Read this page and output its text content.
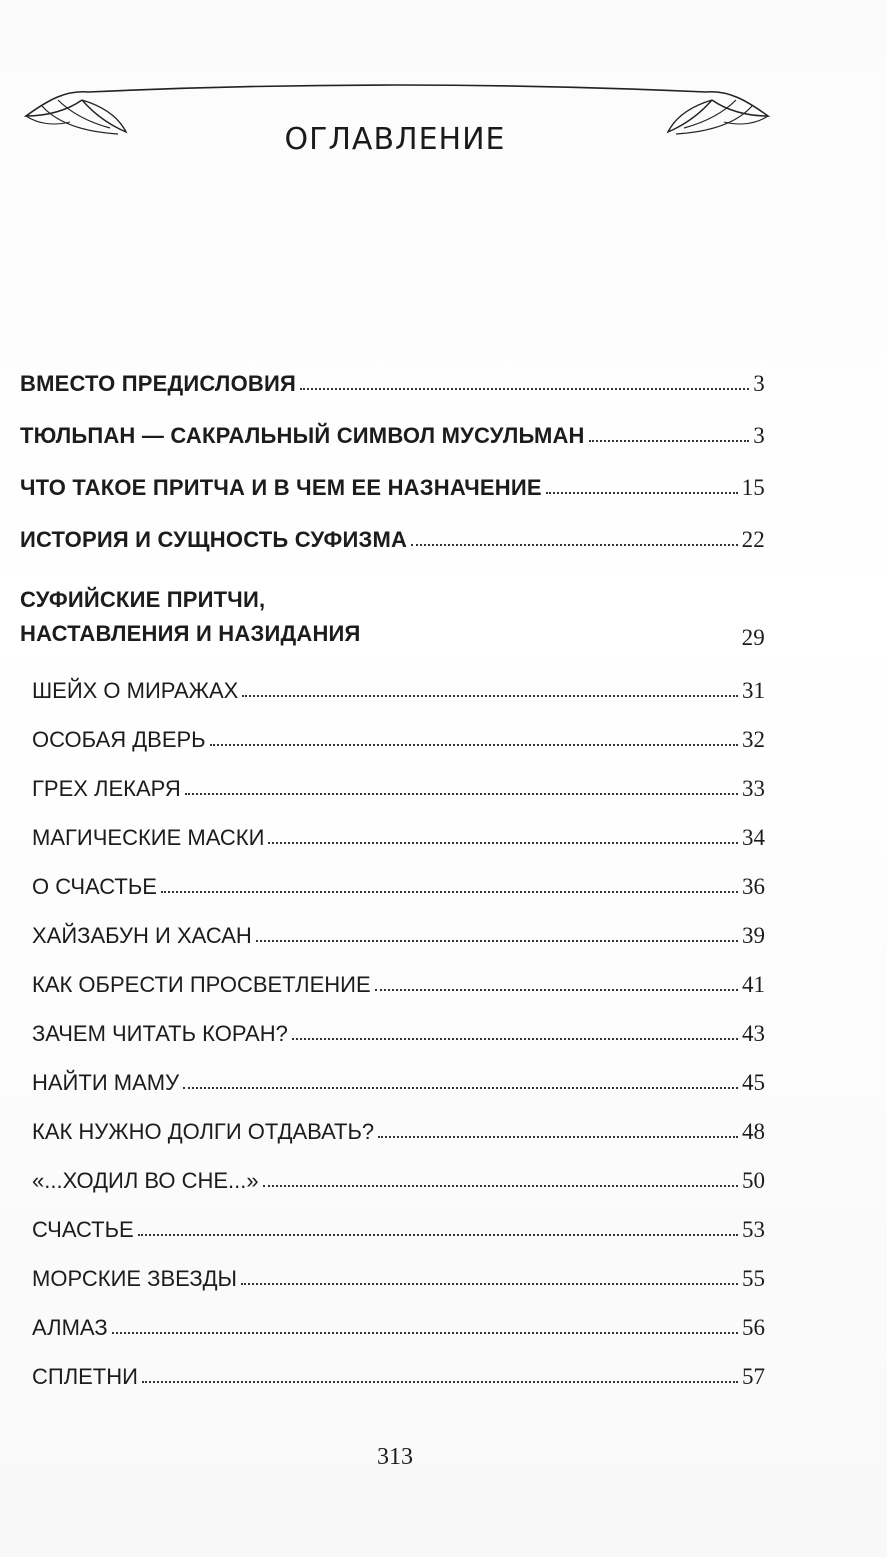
ОГЛАВЛЕНИЕ
ВМЕСТО ПРЕДИСЛОВИЯ	3
ТЮЛЬПАН — САКРАЛЬНЫЙ СИМВОЛ МУСУЛЬМАН	3
ЧТО ТАКОЕ ПРИТЧА И В ЧЕМ ЕЕ НАЗНАЧЕНИЕ	15
ИСТОРИЯ И СУЩНОСТЬ СУФИЗМА	22
СУФИЙСКИЕ ПРИТЧИ,
НАСТАВЛЕНИЯ И НАЗИДАНИЯ	29
ШЕЙХ О МИРАЖАХ	31
ОСОБАЯ ДВЕРЬ	32
ГРЕХ ЛЕКАРЯ	33
МАГИЧЕСКИЕ МАСКИ	34
О СЧАСТЬЕ	36
ХАЙЗАБУН И ХАСАН	39
КАК ОБРЕСТИ ПРОСВЕТЛЕНИЕ	41
ЗАЧЕМ ЧИТАТЬ КОРАН?	43
НАЙТИ МАМУ	45
КАК НУЖНО ДОЛГИ ОТДАВАТЬ?	48
«...ХОДИЛ ВО СНЕ...»	50
СЧАСТЬЕ	53
МОРСКИЕ ЗВЕЗДЫ	55
АЛМАЗ	56
СПЛЕТНИ	57
313
